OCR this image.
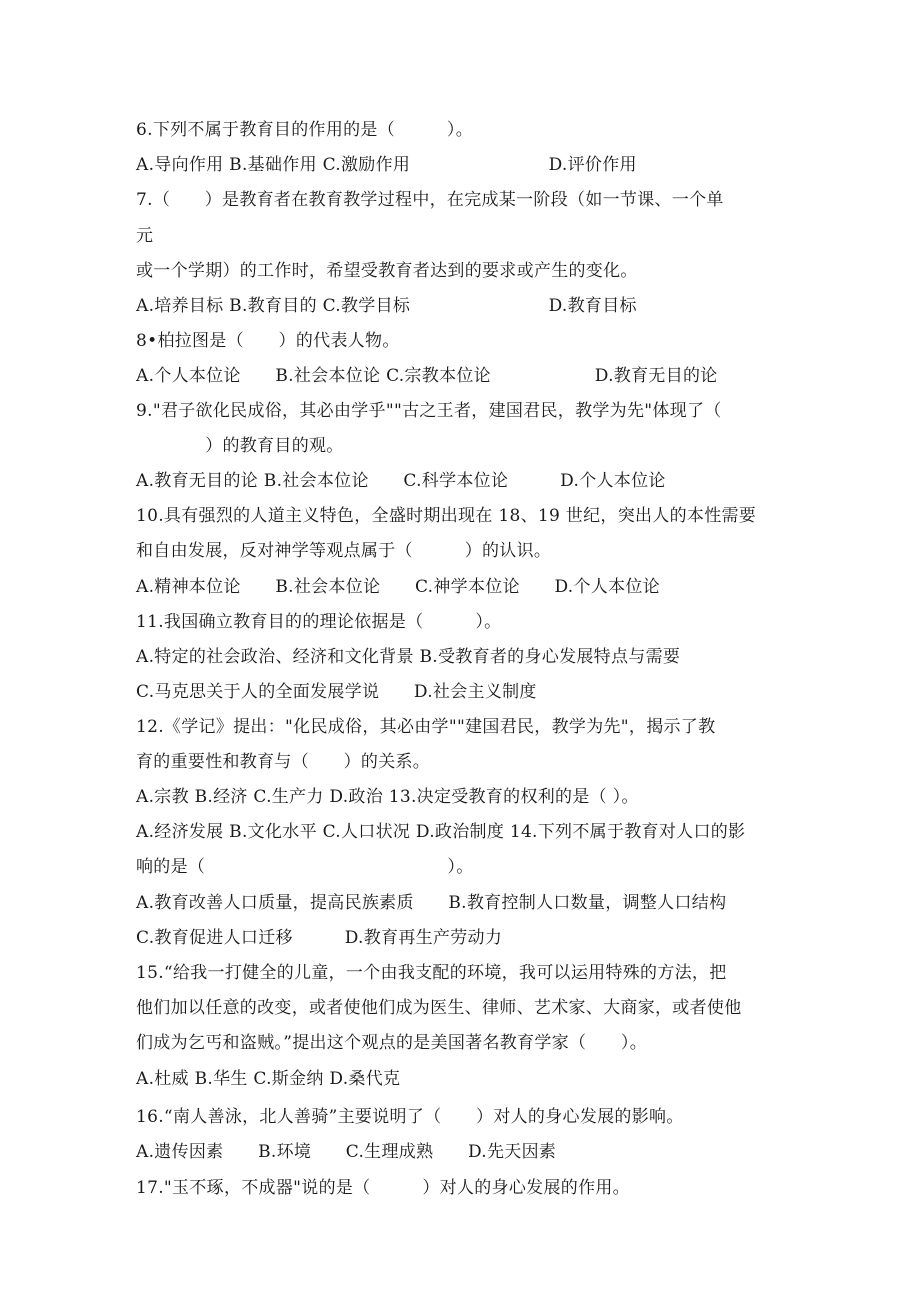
6.下列不属于教育目的作用的是（　　　）。
A.导向作用 B.基础作用 C.激励作用　　　　　　　　D.评价作用
7.（　　）是教育者在教育教学过程中，在完成某一阶段（如一节课、一个单
元
或一个学期）的工作时，希望受教育者达到的要求或产生的变化。
A.培养目标 B.教育目的 C.教学目标　　　　　　　　D.教育目标
8•柏拉图是（　　）的代表人物。
A.个人本位论　　B.社会本位论 C.宗教本位论　　　　　　D.教育无目的论
9."君子欲化民成俗，其必由学乎""古之王者，建国君民，教学为先"体现了（
　　　　）的教育目的观。
A.教育无目的论 B.社会本位论　　C.科学本位论　　　D.个人本位论
10.具有强烈的人道主义特色，全盛时期出现在 18、19 世纪，突出人的本性需要
和自由发展，反对神学等观点属于（　　　）的认识。
A.精神本位论　　B.社会本位论　　C.神学本位论　　D.个人本位论
11.我国确立教育目的的理论依据是（　　　）。
A.特定的社会政治、经济和文化背景 B.受教育者的身心发展特点与需要
C.马克思关于人的全面发展学说　　D.社会主义制度
12.《学记》提出："化民成俗，其必由学""建国君民，教学为先"，揭示了教
育的重要性和教育与（　　）的关系。
A.宗教 B.经济 C.生产力 D.政治 13.决定受教育的权利的是（ ）。
A.经济发展 B.文化水平 C.人口状况 D.政治制度 14.下列不属于教育对人口的影
响的是（　　　　　　　　　　　　　　）。
A.教育改善人口质量，提高民族素质　　B.教育控制人口数量，调整人口结构
C.教育促进人口迁移　　　D.教育再生产劳动力
15.“给我一打健全的儿童，一个由我支配的环境，我可以运用特殊的方法，把
他们加以任意的改变，或者使他们成为医生、律师、艺术家、大商家，或者使他
们成为乞丐和盗贼。”提出这个观点的是美国著名教育学家（　　）。
A.杜威 B.华生 C.斯金纳 D.桑代克
16.“南人善泳，北人善骑”主要说明了（　　）对人的身心发展的影响。
A.遗传因素　　B.环境　　C.生理成熟　　D.先天因素
17."玉不琢，不成器"说的是（　　　）对人的身心发展的作用。
